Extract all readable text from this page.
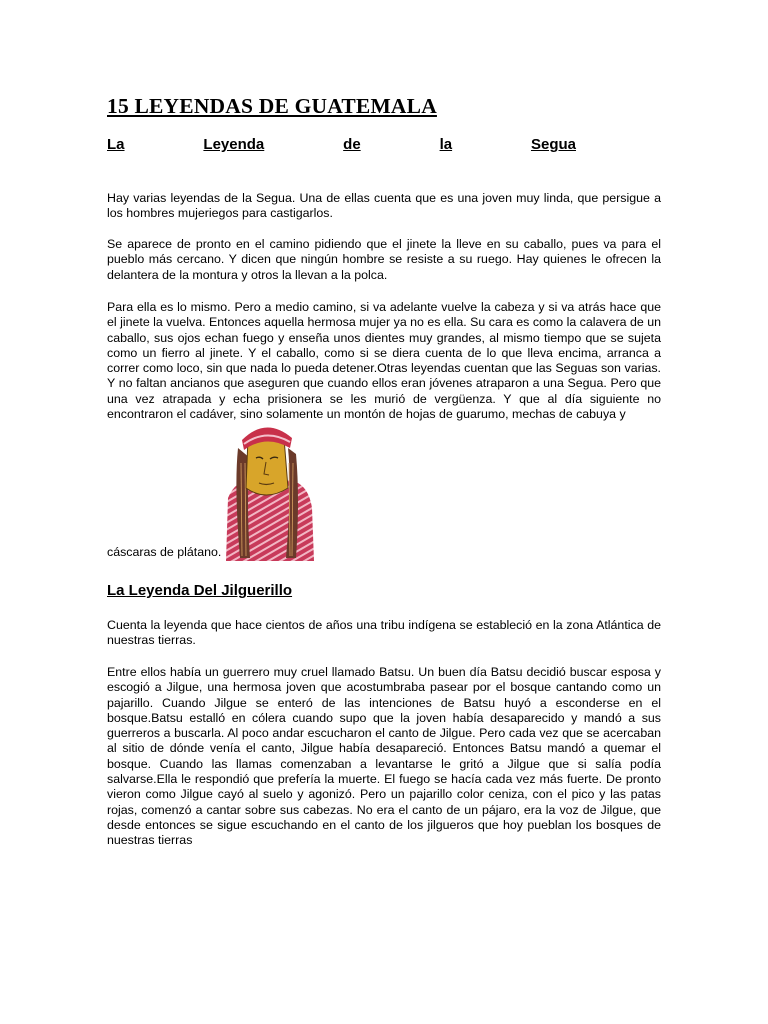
15 LEYENDAS DE GUATEMALA
La	Leyenda	de	la	Segua

Hay varias leyendas de la Segua. Una de ellas cuenta que es una joven muy linda, que persigue a los hombres mujeriegos para castigarlos.

Se aparece de pronto en el camino pidiendo que el jinete la lleve en su caballo, pues va para el pueblo más cercano. Y dicen que ningún hombre se resiste a su ruego. Hay quienes le ofrecen la delantera de la montura y otros la llevan a la polca.

Para ella es lo mismo. Pero a medio camino, si va adelante vuelve la cabeza y si va atrás hace que el jinete la vuelva. Entonces aquella hermosa mujer ya no es ella. Su cara es como la calavera de un caballo, sus ojos echan fuego y enseña unos dientes muy grandes, al mismo tiempo que se sujeta como un fierro al jinete. Y el caballo, como si se diera cuenta de lo que lleva encima, arranca a correr como loco, sin que nada lo pueda detener.Otras leyendas cuentan que las Seguas son varias. Y no faltan ancianos que aseguren que cuando ellos eran jóvenes atraparon a una Segua. Pero que una vez atrapada y echa prisionera se les murió de vergüenza. Y que al día siguiente no encontraron el cadáver, sino solamente un montón de hojas de guarumo, mechas de cabuya y

cáscaras de plátano.
La Leyenda Del Jilguerillo

Cuenta la leyenda que hace cientos de años una tribu indígena se estableció en la zona Atlántica de nuestras tierras.

Entre ellos había un guerrero muy cruel llamado Batsu. Un buen día Batsu decidió buscar esposa y escogió a Jilgue, una hermosa joven que acostumbraba pasear por el bosque cantando como un pajarillo. Cuando Jilgue se enteró de las intenciones de Batsu huyó a esconderse en el bosque.Batsu estalló en cólera cuando supo que la joven había desaparecido y mandó a sus guerreros a buscarla. Al poco andar escucharon el canto de Jilgue. Pero cada vez que se acercaban al sitio de dónde venía el canto, Jilgue había desapareció. Entonces Batsu mandó a quemar el bosque. Cuando las llamas comenzaban a levantarse le gritó a Jilgue que si salía podía salvarse.Ella le respondió que prefería la muerte. El fuego se hacía cada vez más fuerte. De pronto vieron como Jilgue cayó al suelo y agonizó. Pero un pajarillo color ceniza, con el pico y las patas rojas, comenzó a cantar sobre sus cabezas. No era el canto de un pájaro, era la voz de Jilgue, que desde entonces se sigue escuchando en el canto de los jilgueros que hoy pueblan los bosques de nuestras tierras
